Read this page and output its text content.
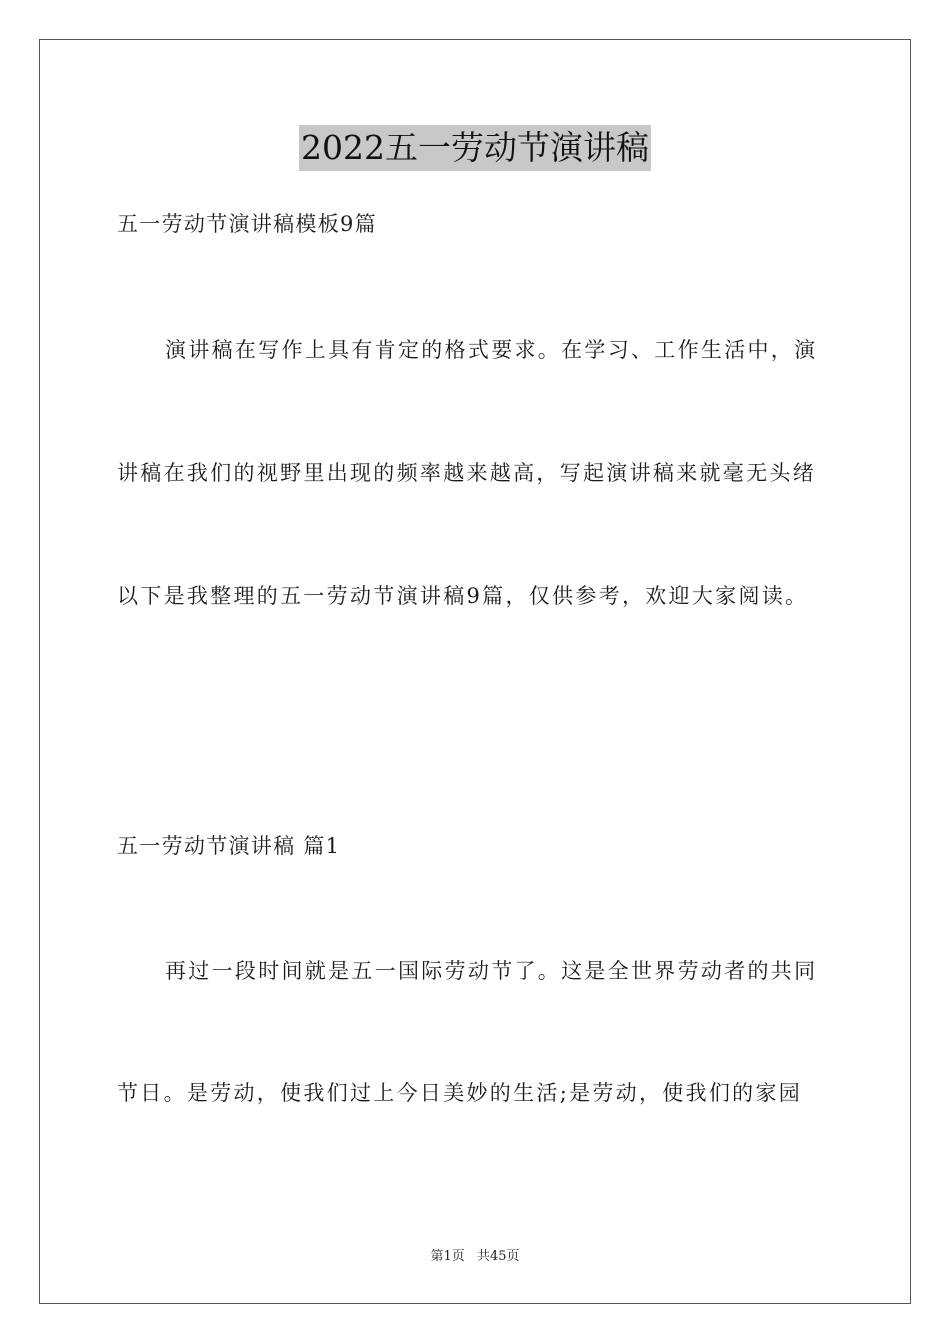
2022五一劳动节演讲稿
五一劳动节演讲稿模板9篇
演讲稿在写作上具有肯定的格式要求。在学习、工作生活中，演
讲稿在我们的视野里出现的频率越来越高，写起演讲稿来就毫无头绪
以下是我整理的五一劳动节演讲稿9篇，仅供参考，欢迎大家阅读。
五一劳动节演讲稿 篇1
再过一段时间就是五一国际劳动节了。这是全世界劳动者的共同
节日。是劳动，使我们过上今日美妙的生活;是劳动，使我们的家园
第1页 共45页
